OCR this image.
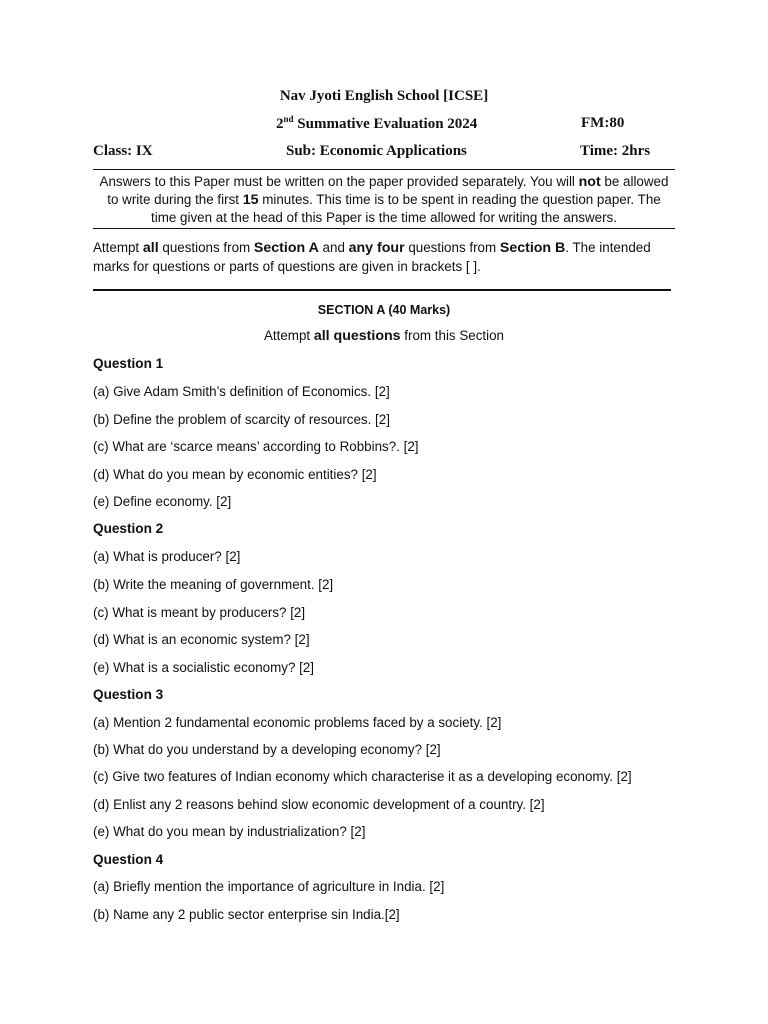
Nav Jyoti English School [ICSE]
2nd Summative Evaluation 2024	FM:80
Class: IX	Sub: Economic Applications	Time: 2hrs
Answers to this Paper must be written on the paper provided separately. You will not be allowed to write during the first 15 minutes. This time is to be spent in reading the question paper. The time given at the head of this Paper is the time allowed for writing the answers.
Attempt all questions from Section A and any four questions from Section B. The intended marks for questions or parts of questions are given in brackets [ ].
SECTION A (40 Marks)
Attempt all questions from this Section
Question 1
(a) Give Adam Smith’s definition of Economics. [2]
(b) Define the problem of scarcity of resources. [2]
(c) What are ‘scarce means’ according to Robbins?. [2]
(d) What do you mean by economic entities? [2]
(e) Define economy. [2]
Question 2
(a) What is producer? [2]
(b) Write the meaning of government. [2]
(c) What is meant by producers? [2]
(d) What is an economic system? [2]
(e) What is a socialistic economy? [2]
Question 3
(a) Mention 2 fundamental economic problems faced by a society. [2]
(b) What do you understand by a developing economy? [2]
(c) Give two features of Indian economy which characterise it as a developing economy. [2]
(d) Enlist any 2 reasons behind slow economic development of a country. [2]
(e) What do you mean by industrialization? [2]
Question 4
(a) Briefly mention the importance of agriculture in India. [2]
(b) Name any 2 public sector enterprise sin India.[2]
